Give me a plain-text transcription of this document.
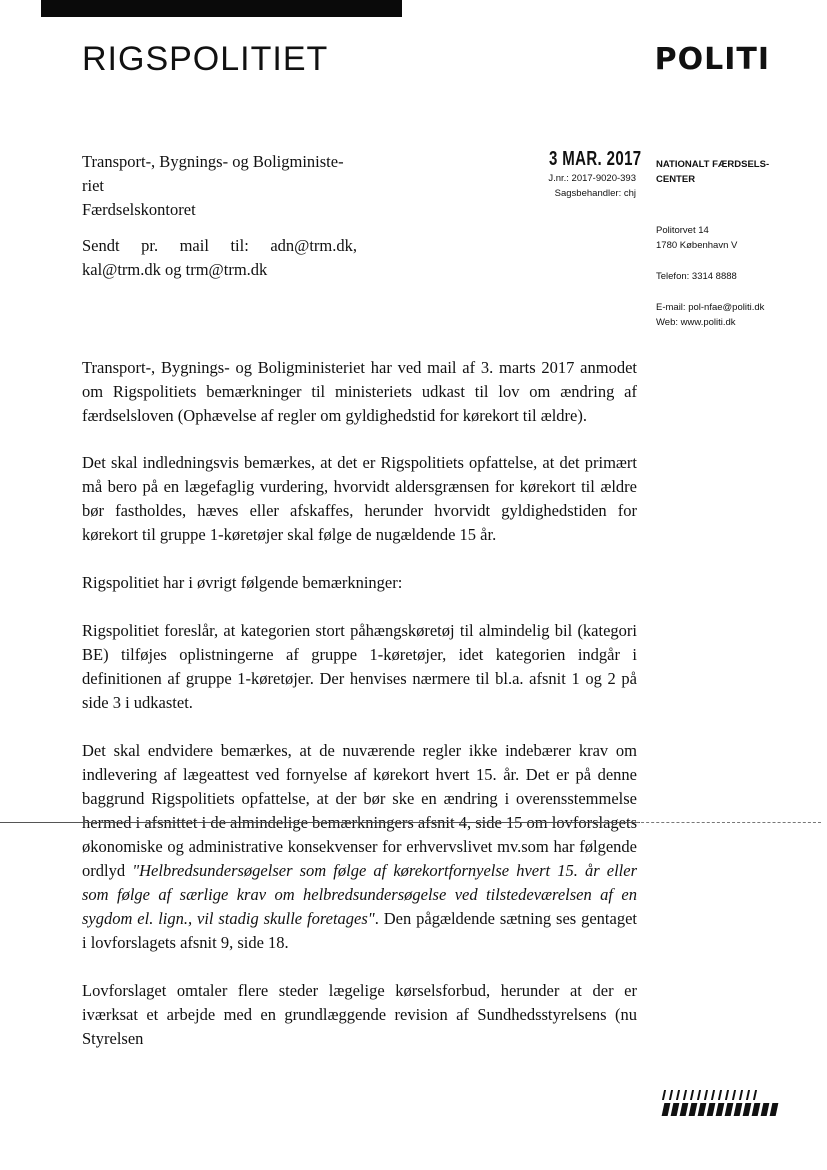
RIGSPOLITIET	POLITI
Transport-, Bygnings- og Boligministe-
riet
Færdselskontoret
Sendt pr. mail til: adn@trm.dk, kal@trm.dk og trm@trm.dk
3 MAR. 2017
J.nr.: 2017-9020-393
Sagsbehandler: chj
NATIONALT FÆRDSELS-
CENTER
Politorvet 14
1780 København V
Telefon: 3314 8888
E-mail: pol-nfae@politi.dk
Web: www.politi.dk

Transport-, Bygnings- og Boligministeriet har ved mail af 3. marts 2017 anmodet om Rigspolitiets bemærkninger til ministeriets udkast til lov om ændring af færdselsloven (Ophævelse af regler om gyldighedstid for kørekort til ældre).

Det skal indledningsvis bemærkes, at det er Rigspolitiets opfattelse, at det primært må bero på en lægefaglig vurdering, hvorvidt aldersgrænsen for kørekort til ældre bør fastholdes, hæves eller afskaffes, herunder hvorvidt gyldighedstiden for kørekort til gruppe 1-køretøjer skal følge de nugældende 15 år.

Rigspolitiet har i øvrigt følgende bemærkninger:

Rigspolitiet foreslår, at kategorien stort påhængskøretøj til almindelig bil (kategori BE) tilføjes oplistningerne af gruppe 1-køretøjer, idet kategorien indgår i definitionen af gruppe 1-køretøjer. Der henvises nærmere til bl.a. afsnit 1 og 2 på side 3 i udkastet.

Det skal endvidere bemærkes, at de nuværende regler ikke indebærer krav om indlevering af lægeattest ved fornyelse af kørekort hvert 15. år. Det er på denne baggrund Rigspolitiets opfattelse, at der bør ske en ændring i overensstemmelse hermed i afsnittet i de almindelige bemærkningers afsnit 4, side 15 om lovforslagets økonomiske og administrative konsekvenser for erhvervslivet mv.som har følgende ordlyd "Helbredsundersøgelser som følge af kørekortfornyelse hvert 15. år eller som følge af særlige krav om helbredsundersøgelse ved tilstedeværelsen af en sygdom el. lign., vil stadig skulle foretages". Den pågældende sætning ses gentaget i lovforslagets afsnit 9, side 18.

Lovforslaget omtaler flere steder lægelige kørselsforbud, herunder at der er iværksat et arbejde med en grundlæggende revision af Sundhedsstyrelsens (nu Styrelsen
